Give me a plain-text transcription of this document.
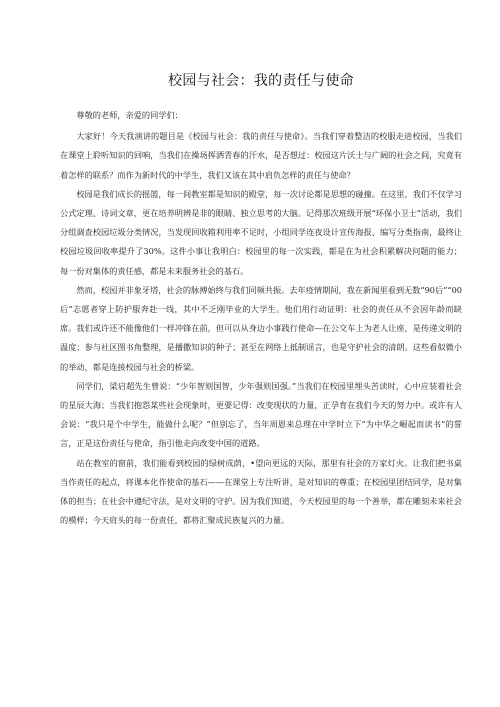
校园与社会：我的责任与使命

尊敬的老师，亲爱的同学们：

大家好！今天我演讲的题目是《校园与社会：我的责任与使命》。当我们穿着整洁的校服走进校园，当我们在课堂上聆听知识的回响，当我们在操场挥洒青春的汗水，是否想过：校园这片沃土与广阔的社会之间，究竟有着怎样的联系？而作为新时代的中学生，我们又该在其中肩负怎样的责任与使命？

校园是我们成长的摇篮，每一间教室都是知识的殿堂，每一次讨论都是思想的碰撞。在这里，我们不仅学习公式定理、诗词文章，更在培养明辨是非的眼睛、独立思考的大脑。记得那次班级开展“环保小卫士”活动，我们分组调查校园垃圾分类情况，当发现回收箱利用率不足时，小组同学连夜设计宣传海报、编写分类指南，最终让校园垃圾回收率提升了30%。这件小事让我明白：校园里的每一次实践，都是在为社会积累解决问题的能力；每一份对集体的责任感，都是未来服务社会的基石。

然而，校园并非象牙塔，社会的脉搏始终与我们同频共振。去年疫情期间，我在新闻里看到无数“90后”“00后”志愿者穿上防护服奔赴一线，其中不乏刚毕业的大学生。他们用行动证明：社会的责任从不会因年龄而缺席。我们或许还不能像他们一样冲锋在前，但可以从身边小事践行使命—在公交车上为老人让座，是传递文明的温度；参与社区图书角整理，是播撒知识的种子；甚至在网络上抵制谣言，也是守护社会的清朗。这些看似微小的举动，都是连接校园与社会的桥梁。

同学们，梁启超先生曾说：“少年智则国智，少年强则国强。”当我们在校园里埋头苦读时，心中应装着社会的星辰大海；当我们抱怨某些社会现象时，更要记得：改变现状的力量，正孕育在我们今天的努力中。或许有人会说：“我只是个中学生，能做什么呢？”但别忘了，当年周恩来总理在中学时立下“为中华之崛起而读书”的誓言，正是这份责任与使命，指引他走向改变中国的道路。

站在教室的窗前，我们能看到校园的绿树成荫，•望向更远的天际，那里有社会的万家灯火。让我们把书桌当作责任的起点，将课本化作使命的基石——在课堂上专注听讲，是对知识的尊重；在校园里团结同学，是对集体的担当；在社会中遵纪守法，是对文明的守护。因为我们知道，今天校园里的每一个善举，都在雕刻未来社会的模样；今天肩头的每一份责任，都将汇聚成民族复兴的力量。
